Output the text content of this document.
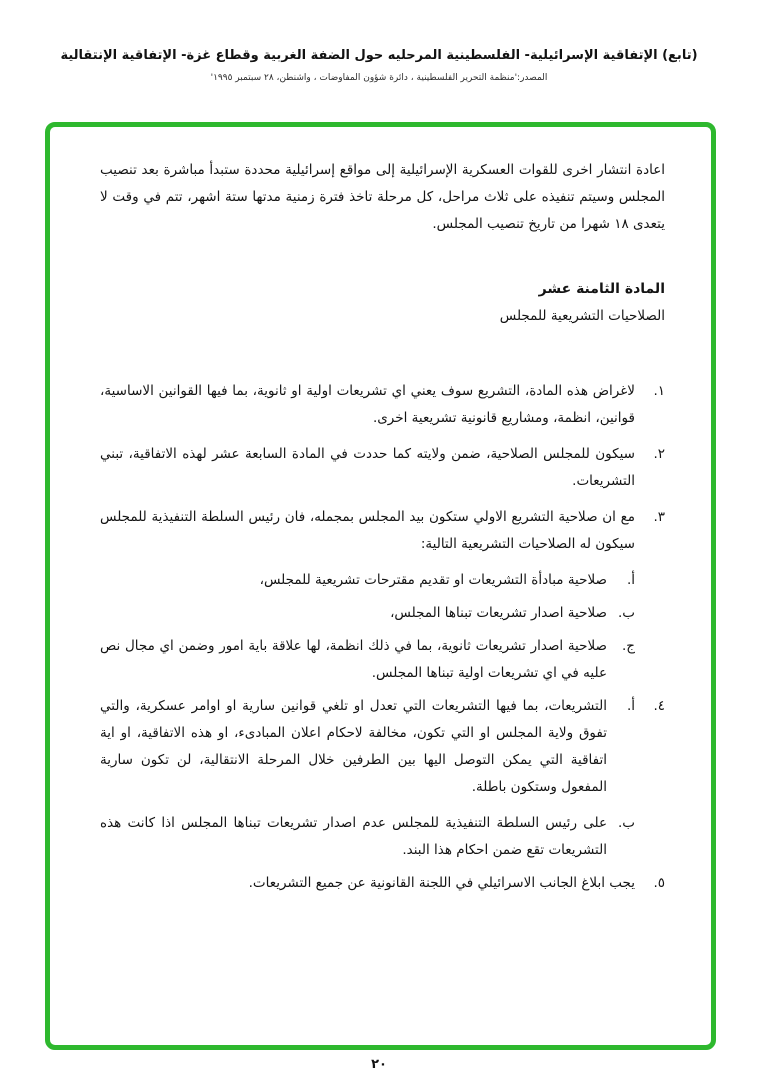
(تابع) الإتفاقية الإسرائيلية- الفلسطينية المرحليه حول الضفة الغربية وقطاع غزة- الإتفاقية الإنتقالية
المصدر:'منظمة التحرير الفلسطينية ، دائرة شؤون المفاوضات ، واشنطن، ٢٨ سبتمبر ١٩٩٥'

اعادة انتشار اخرى للقوات العسكرية الإسرائيلية إلى مواقع إسرائيلية محددة ستبدأ مباشرة بعد تنصيب المجلس وسيتم تنفيذه على ثلاث مراحل، كل مرحلة تاخذ فترة زمنية مدتها ستة اشهر، تتم في وقت لا يتعدى ١٨ شهرا من تاريخ تنصيب المجلس.

المادة الثامنة عشر
الصلاحيات التشريعية للمجلس
١.
لاغراض هذه المادة، التشريع سوف يعني اي تشريعات اولية او ثانوية، بما فيها القوانين الاساسية، قوانين، انظمة، ومشاريع قانونية تشريعية اخرى.
٢.
سيكون للمجلس الصلاحية، ضمن ولايته كما حددت في المادة السابعة عشر لهذه الاتفاقية، تبني التشريعات.
٣.
مع ان صلاحية التشريع الاولي ستكون بيد المجلس بمجمله، فان رئيس السلطة التنفيذية للمجلس سيكون له الصلاحيات التشريعية التالية:
أ.
صلاحية مبادأة التشريعات او تقديم مقترحات تشريعية للمجلس،
ب.
صلاحية اصدار تشريعات تبناها المجلس،
ج.
صلاحية اصدار تشريعات ثانوية، بما في ذلك انظمة، لها علاقة باية امور وضمن اي مجال نص عليه في اي تشريعات اولية تبناها المجلس.
٤.
أ.
التشريعات، بما فيها التشريعات التي تعدل او تلغي قوانين سارية او اوامر عسكرية، والتي تفوق ولاية المجلس او التي تكون، مخالفة لاحكام اعلان المبادىء، او هذه الاتفاقية، او اية اتفاقية التي يمكن التوصل اليها بين الطرفين خلال المرحلة الانتقالية، لن تكون سارية المفعول وستكون باطلة.
ب.
على رئيس السلطة التنفيذية للمجلس عدم اصدار تشريعات تبناها المجلس اذا كانت هذه التشريعات تقع ضمن احكام هذا البند.
٥.
يجب ابلاغ الجانب الاسرائيلي في اللجنة القانونية عن جميع التشريعات.
٢٠
